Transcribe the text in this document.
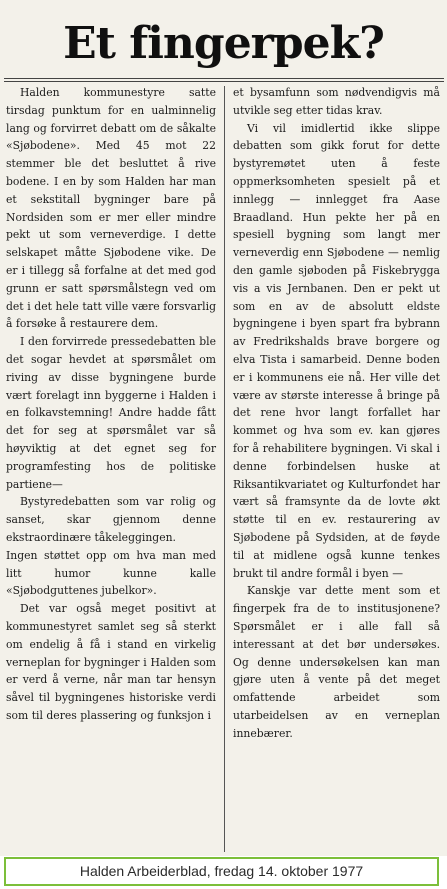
Et fingerpek?

Halden kommunestyre satte tirsdag punktum for en ualminnelig lang og forvirret debatt om de såkalte «Sjøbodene». Med 45 mot 22 stemmer ble det besluttet å rive bodene. I en by som Halden har man et sekstitall bygninger bare på Nordsiden som er mer eller mindre pekt ut som verneverdige. I dette selskapet måtte Sjøbodene vike. De er i tillegg så forfalne at det med god grunn er satt spørsmålstegn ved om det i det hele tatt ville være forsvarlig å forsøke å restaurere dem.

I den forvirrede pressedebatten ble det sogar hevdet at spørsmålet om riving av disse bygningene burde vært forelagt inn byggerne i Halden i en folkavstemning! Andre hadde fått det for seg at spørsmålet var så høyviktig at det egnet seg for programfesting hos de politiske partiene—

Bystyredebatten som var rolig og sanset, skar gjennom denne ekstraordinære tåkeleggingen.

Ingen støttet opp om hva man med litt humor kunne kalle «Sjøbodguttenes jubelkor».

Det var også meget positivt at kommunestyret samlet seg så sterkt om endelig å få i stand en virkelig verneplan for bygninger i Halden som er verd å verne, når man tar hensyn såvel til bygningenes historiske verdi som til deres plassering og funksjon i

et bysamfunn som nødvendigvis må utvikle seg etter tidas krav.

Vi vil imidlertid ikke slippe debatten som gikk forut for dette bystyremøtet uten å feste oppmerksomheten spesielt på et innlegg — innlegget fra Aase Braadland. Hun pekte her på en spesiell bygning som langt mer verneverdig enn Sjøbodene — nemlig den gamle sjøboden på Fiskebrygga vis a vis Jernbanen. Den er pekt ut som en av de absolutt eldste bygningene i byen spart fra bybrann av Fredrikshalds brave borgere og elva Tista i samarbeid. Denne boden er i kommunens eie nå. Her ville det være av største interesse å bringe på det rene hvor langt forfallet har kommet og hva som ev. kan gjøres for å rehabilitere bygningen. Vi skal i denne forbindelsen huske at Riksantikvariatet og Kulturfondet har vært så framsynte da de lovte økt støtte til en ev. restaurering av Sjøbodene på Sydsiden, at de føyde til at midlene også kunne tenkes brukt til andre formål i byen —

Kanskje var dette ment som et fingerpek fra de to institusjonene? Spørsmålet er i alle fall så interessant at det bør undersøkes. Og denne undersøkelsen kan man gjøre uten å vente på det meget omfattende arbeidet som utarbeidelsen av en verneplan innebærer.

Halden Arbeiderblad, fredag 14. oktober 1977
